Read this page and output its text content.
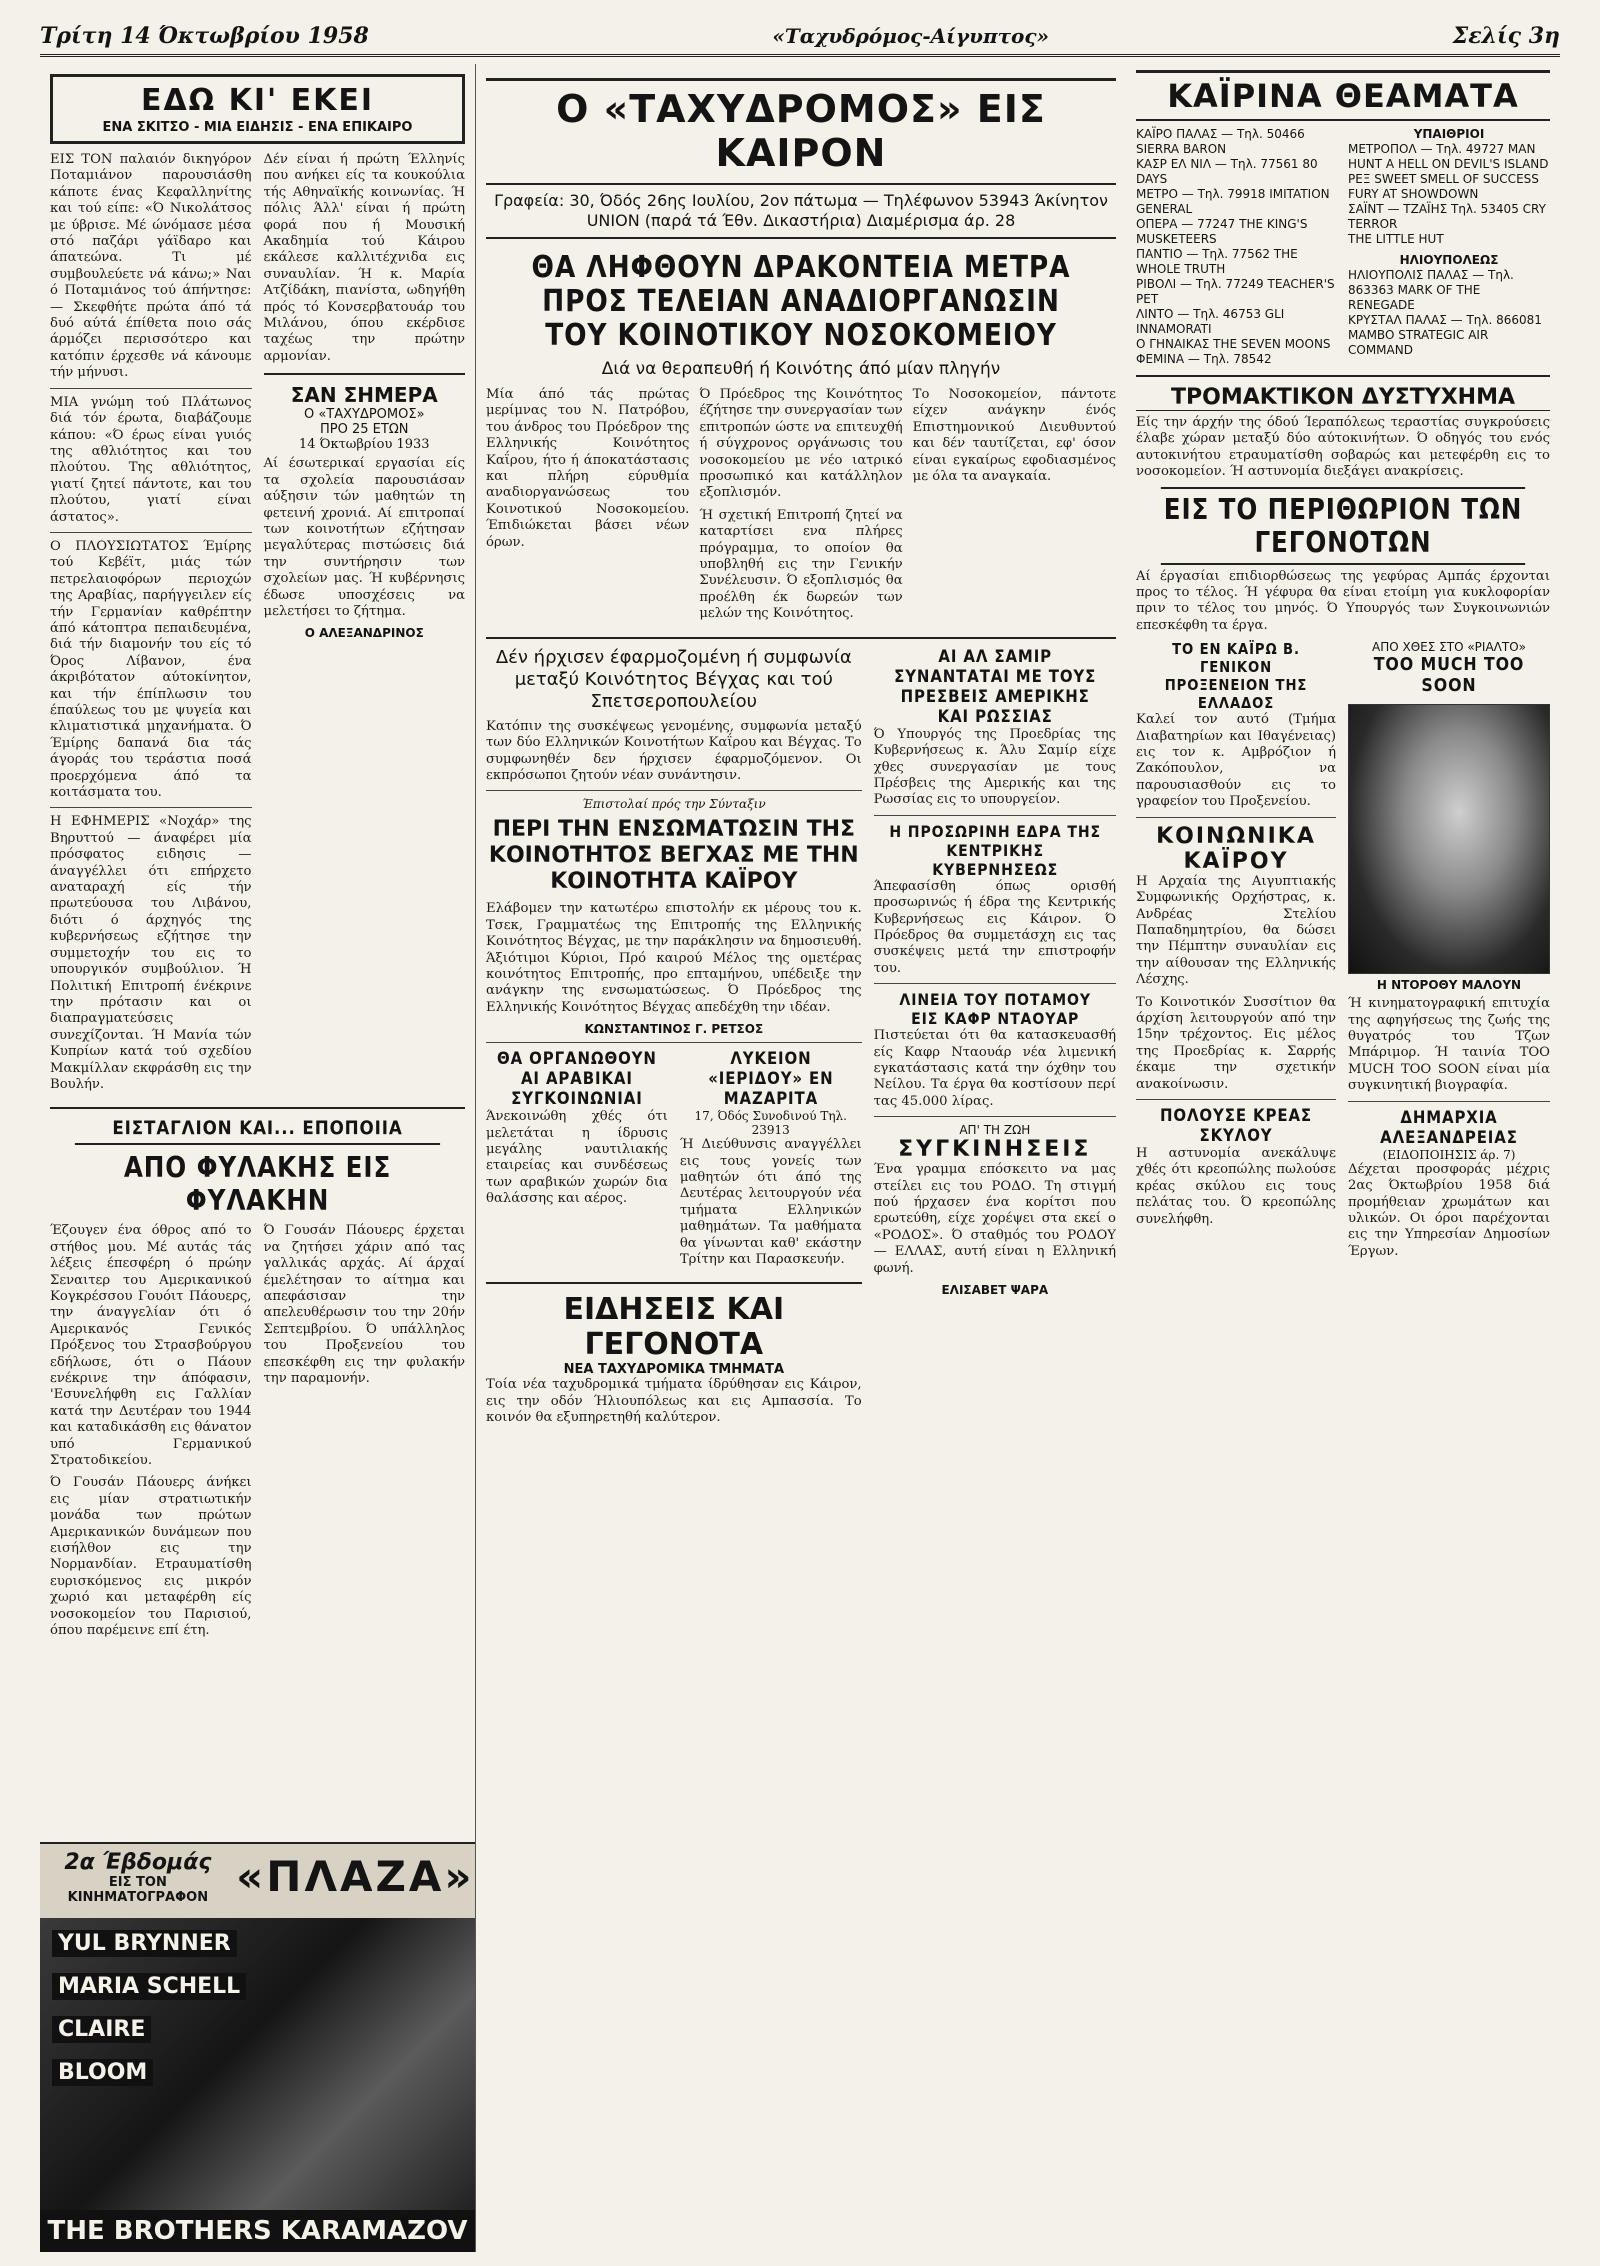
Τρίτη 14 Όκτωβρίου 1958	«Ταχυδρόμος-Αίγυπτος»	Σελίς 3η
ΕΔΩ ΚΙ' ΕΚΕΙ
ΕΝΑ ΣΚΙΤΣΟ - ΜΙΑ ΕΙΔΗΣΙΣ - ΕΝΑ ΕΠΙΚΑΙΡΟ

ΕΙΣ ΤΟΝ παλαιόν δικηγόρον Ποταμιάνον παρουσιάσθη κάποτε ένας Κεφαλληνίτης και τού είπε: «Ό Νικολάτσος με ύβρισε. Μέ ώνόμασε μέσα στό παζάρι γάϊδαρο και άπατεώνα. Τι μέ συμβουλεύετε νά κάνω;» Ναι ό Ποταμιάνος τού άπήντησε: — Σκεφθήτε πρώτα άπό τά δυό αύτά έπίθετα ποιο σάς άρμόζει περισσότερο και κατόπιν έρχεσθε νά κάνουμε τήν μήνυσι.

ΜΙΑ γνώμη τού Πλάτωνος διά τόν έρωτα, διαβάζουμε κάπου: «Ό έρως είναι γυιός της αθλιότητος και του πλούτου. Της αθλιότητος, γιατί ζητεί πάντοτε, και του πλούτου, γιατί είναι άστατος».

Ο ΠΛΟΥΣΙΩΤΑΤΟΣ Έμίρης τού Κεβέϊτ, μιάς τών πετρελαιοφόρων περιοχών της Αραβίας, παρήγγειλεν είς τήν Γερμανίαν καθρέπτην άπό κάτοπτρα πεπαιδευμένα, διά τήν διαμονήν του είς τό Όρος Λίβανον, ένα άκριβότατον αύτοκίνητον, και τήν έπίπλωσιν του έπαύλεως του με ψυγεία και κλιματιστικά μηχανήματα. Ό Έμίρης δαπανά δια τάς άγοράς του τεράστια ποσά προερχόμενα άπό τα κοιτάσματα του.

Η ΕΦΗΜΕΡΙΣ «Νοχάρ» της Βηρυττού — άναφέρει μία πρόσφατος ειδησις — άναγγέλλει ότι επήρχετο αναταραχή είς τήν πρωτεύουσα του Λιβάνου, διότι ό άρχηγός της κυβερνήσεως εζήτησε την συμμετοχήν του εις το υπουργικόν συμβούλιον. Ή Πολιτική Επιτροπή ένέκρινε την πρότασιν και οι διαπραγματεύσεις συνεχίζονται. Ή Μανία τών Κυπρίων κατά τού σχεδίου Μακμίλλαν εκφράσθη εις την Βουλήν.

Δέν είναι ή πρώτη Έλληνίς που ανήκει είς τα κουκούλια τής Αθηναϊκής κοινωνίας. Ή πόλις Άλλ' είναι ή πρώτη φορά που ή Μουσική Ακαδημία τού Κάιρου εκάλεσε καλλιτέχνιδα εις συναυλίαν. Ή κ. Μαρία Ατζίδάκη, πιανίστα, ωδηγήθη πρός τό Κονσερβατουάρ του Μιλάνου, όπου εκέρδισε ταχέως την πρώτην αρμονίαν.

ΣΑΝ ΣΗΜΕΡΑ
Ο «ΤΑΧΥΔΡΟΜΟΣ»
ΠΡΟ 25 ΕΤΩΝ
14 Όκτωβρίου 1933

Αί έσωτερικαί εργασίαι είς τα σχολεία παρουσιάσαν αύξησιν τών μαθητών τη φετεινή χρονιά. Αί επιτροπαί των κοινοτήτων εζήτησαν μεγαλύτερας πιστώσεις διά την συντήρησιν των σχολείων μας. Ή κυβέρνησις έδωσε υποσχέσεις να μελετήσει το ζήτημα.

Ο ΑΛΕΞΑΝΔΡΙΝΟΣ
ΕΙΣΤΑΓΛΙΟΝ ΚΑΙ... ΕΠΟΠΟΙΙΑ
ΑΠΟ ΦΥΛΑΚΗΣ ΕΙΣ ΦΥΛΑΚΗΝ

Έζουγεν ένα όθρος από το στήθος μου. Μέ αυτάς τάς λέξεις έπεσφέρη ό πρώην Σεναιτερ του Αμερικανικού Κογκρέσσου Γουόιτ Πάουερς, την άναγγελίαν ότι ό Αμερικανός Γενικός Πρόξενος του Στρασβούργου εδήλωσε, ότι ο Πάουν ενέκρινε την άπόφασιν, 'Εσυνελήφθη εις Γαλλίαν κατά την Δευτέραν του 1944 και καταδικάσθη εις θάνατον υπό Γερμανικού Στρατοδικείου.

Ό Γουσάν Πάουερς άνήκει εις μίαν στρατιωτικήν μονάδα των πρώτων Αμερικανικών δυνάμεων που εισήλθον εις την Νορμανδίαν. Ετραυματίσθη ευρισκόμενος εις μικρόν χωριό και μεταφέρθη είς νοσοκομείον του Παρισιού, όπου παρέμεινε επί έτη.

Ό Γουσάν Πάουερς έρχεται να ζητήσει χάριν από τας γαλλικάς αρχάς. Αί άρχαί έμελέτησαν το αίτημα και απεφάσισαν την απελευθέρωσιν του την 20ήν Σεπτεμβρίου. Ό υπάλληλος του Προξενείου του επεσκέφθη εις την φυλακήν την παραμονήν.

2α Έβδομάς
ΕΙΣ ΤΟΝ ΚΙΝΗΜΑΤΟΓΡΑΦΟΝ «ΠΛΑΖΑ»
YUL BRYNNER
MARIA SCHELL
CLAIRE
BLOOM
THE BROTHERS KARAMAZOV
Ο «ΤΑΧΥΔΡΟΜΟΣ» ΕΙΣ ΚΑΙΡΟΝ
Γραφεία: 30, Όδός 26ης Ιουλίου, 2ον πάτωμα — Τηλέφωνον 53943 Άκίνητον UNION (παρά τά Έθν. Δικαστήρια) Διαμέρισμα άρ. 28
ΘΑ ΛΗΦΘΟΥΝ ΔΡΑΚΟΝΤΕΙΑ ΜΕΤΡΑ ΠΡΟΣ ΤΕΛΕΙΑΝ ΑΝΑΔΙΟΡΓΑΝΩΣΙΝ ΤΟΥ ΚΟΙΝΟΤΙΚΟΥ ΝΟΣΟΚΟΜΕΙΟΥ
Διά να θεραπευθή ή Κοινότης άπό μίαν πληγήν

Μία άπό τάς πρώτας μερίμνας του Ν. Πατρόβου, του άνδρος του Πρόεδρον της Ελληνικής Κοινότητος Καΐρου, ήτο ή άποκατάστασις και πλήρη εύρυθμία αναδιοργανώσεως του Κοινοτικού Νοσοκομείου. Έπιδιώκεται βάσει νέων όρων.

Ό Πρόεδρος της Κοινότητος έζήτησε την συνεργασίαν των επιτροπών ώστε να επιτευχθή ή σύγχρονος οργάνωσις του νοσοκομείου με νέο ιατρικό προσωπικό και κατάλληλον εξοπλισμόν.

Ή σχετική Επιτροπή ζητεί να καταρτίσει ενα πλήρες πρόγραμμα, το οποίον θα υποβληθή εις την Γενικήν Συνέλευσιν. Ό εξοπλισμός θα προέλθη έκ δωρεών των μελών της Κοινότητος.

Το Νοσοκομείον, πάντοτε είχεν ανάγκην ένός Επιστημονικού Διευθυντού και δέν ταυτίζεται, εφ' όσον είναι εγκαίρως εφοδιασμένος με όλα τα αναγκαία.

Δέν ήρχισεν έφαρμοζομένη ή συμφωνία μεταξύ Κοινότητος Βέγχας και τού Σπετσεροπουλείου

Κατόπιν της συσκέψεως γενομένης, συμφωνία μεταξύ των δύο Ελληνικών Κοινοτήτων Καΐρου και Βέγχας. Το συμφωνηθέν δεν ήρχισεν έφαρμοζόμενον. Οι εκπρόσωποι ζητούν νέαν συνάντησιν.

Έπιστολαί πρός την Σύνταξιν
ΠΕΡΙ ΤΗΝ ΕΝΣΩΜΑΤΩΣΙΝ ΤΗΣ ΚΟΙΝΟΤΗΤΟΣ ΒΕΓΧΑΣ ΜΕ ΤΗΝ ΚΟΙΝΟΤΗΤΑ ΚΑΪΡΟΥ

Ελάβομεν την κατωτέρω επιστολήν εκ μέρους του κ. Τσεκ, Γραμματέως της Επιτροπής της Ελληνικής Κοινότητος Βέγχας, με την παράκλησιν να δημοσιευθή. Άξιότιμοι Κύριοι, Πρό καιρού Μέλος της ομετέρας κοινότητος Επιτροπής, προ επταμήνου, υπέδειξε την ανάγκην της ενσωματώσεως. Ό Πρόεδρος της Ελληνικής Κοινότητος Βέγχας απεδέχθη την ιδέαν.

ΚΩΝΣΤΑΝΤΙΝΟΣ Γ. ΡΕΤΣΟΣ
ΘΑ ΟΡΓΑΝΩΘΟΥΝ ΑΙ ΑΡΑΒΙΚΑΙ ΣΥΓΚΟΙΝΩΝΙΑΙ

Άνεκοινώθη χθές ότι μελετάται η ίδρυσις μεγάλης ναυτιλιακής εταιρείας και συνδέσεως των αραβικών χωρών δια θαλάσσης και αέρος.

ΛΥΚΕΙΟΝ «ΙΕΡΙΔΟΥ» ΕΝ ΜΑΖΑΡΙΤΑ
17, Όδός Συνοδινού Τηλ. 23913

Ή Διεύθυνσις αναγγέλλει εις τους γονείς των μαθητών ότι άπό της Δευτέρας λειτουργούν νέα τμήματα Ελληνικών μαθημάτων. Τα μαθήματα θα γίνωνται καθ' εκάστην Τρίτην και Παρασκευήν.

ΕΙΔΗΣΕΙΣ ΚΑΙ ΓΕΓΟΝΟΤΑ
ΝΕΑ ΤΑΧΥΔΡΟΜΙΚΑ ΤΜΗΜΑΤΑ

Τοία νέα ταχυδρομικά τμήματα ίδρύθησαν εις Κάιρον, εις την οδόν Ήλιουπόλεως και εις Αμπασσία. Το κοινόν θα εξυπηρετηθή καλύτερον.

ΑΙ ΑΛ ΣΑΜΙΡ ΣΥΝΑΝΤΑΤΑΙ ΜΕ ΤΟΥΣ ΠΡΕΣΒΕΙΣ ΑΜΕΡΙΚΗΣ ΚΑΙ ΡΩΣΣΙΑΣ

Ό Υπουργός της Προεδρίας της Κυβερνήσεως κ. Άλυ Σαμίρ είχε χθες συνεργασίαν με τους Πρέσβεις της Αμερικής και της Ρωσσίας εις το υπουργείον.

Η ΠΡΟΣΩΡΙΝΗ ΕΔΡΑ ΤΗΣ ΚΕΝΤΡΙΚΗΣ ΚΥΒΕΡΝΗΣΕΩΣ

Άπεφασίσθη όπως ορισθή προσωρινώς ή έδρα της Κεντρικής Κυβερνήσεως εις Κάιρον. Ό Πρόεδρος θα συμμετάσχη εις τας συσκέψεις μετά την επιστροφήν του.

ΛΙΝΕΙΑ ΤΟΥ ΠΟΤΑΜΟΥ ΕΙΣ ΚΑΦΡ ΝΤΑΟΥΑΡ

Πιστεύεται ότι θα κατασκευασθή είς Καφρ Νταουάρ νέα λιμενική εγκατάστασις κατά την όχθην του Νείλου. Τα έργα θα κοστίσουν περί τας 45.000 λίρας.

ΑΠ' ΤΗ ΖΩΗ
ΣΥΓΚΙΝΗΣΕΙΣ

Ένα γραμμα επόσκειτο να μας στείλει εις του ΡΟΔΟ. Τη στιγμή πού ήρχασεν ένα κορίτσι που ερωτεύθη, είχε χορέψει στα εκεί ο «ΡΟΔΟΣ». Ό σταθμός του ΡΟΔΟΥ — ΕΛΛΑΣ, αυτή είναι η Ελληνική φωνή.

ΕΛΙΣΑΒΕΤ ΨΑΡΑ
ΚΑΪΡΙΝΑ ΘΕΑΜΑΤΑ
ΚΑΪΡΟ ΠΑΛΑΣ — Τηλ. 50466 SIERRA BARON
ΚΑΣΡ ΕΛ ΝΙΛ — Τηλ. 77561 80 DAYS
ΜΕΤΡΟ — Τηλ. 79918 IMITATION GENERAL
ΟΠΕΡΑ — 77247 THE KING'S MUSKETEERS
ΠΑΝΤΙΟ — Τηλ. 77562 THE WHOLE TRUTH
ΡΙΒΟΛΙ — Τηλ. 77249 TEACHER'S PET
ΛΙΝΤΟ — Τηλ. 46753 GLI INNAMORATI
Ο ΓΗΝΑΙΚΑΣ THE SEVEN MOONS
ΦΕΜΙΝΑ — Τηλ. 78542
ΥΠΑΙΘΡΙΟΙ
ΜΕΤΡΟΠΟΛ — Τηλ. 49727 MAN HUNT A HELL ON DEVIL'S ISLAND
ΡΕΞ SWEET SMELL OF SUCCESS
FURY AT SHOWDOWN
ΣΑΪΝΤ — ΤΖΑΪΗΣ Τηλ. 53405 CRY TERROR
THE LITTLE HUT
ΗΛΙΟΥΠΟΛΕΩΣ
ΗΛΙΟΥΠΟΛΙΣ ΠΑΛΑΣ — Τηλ. 863363 MARK OF THE RENEGADE
ΚΡΥΣΤΑΛ ΠΑΛΑΣ — Τηλ. 866081 MAMBO STRATEGIC AIR COMMAND
ΤΡΟΜΑΚΤΙΚΟΝ ΔΥΣΤΥΧΗΜΑ

Είς την άρχήν της όδού Ίεραπόλεως τεραστίας συγκρούσεις έλαβε χώραν μεταξύ δύο αύτοκινήτων. Ό οδηγός του ενός αυτοκινήτου ετραυματίσθη σοβαρώς και μετεφέρθη εις το νοσοκομείον. Ή αστυνομία διεξάγει ανακρίσεις.

ΕΙΣ ΤΟ ΠΕΡΙΘΩΡΙΟΝ ΤΩΝ ΓΕΓΟΝΟΤΩΝ

Αί έργασίαι επιδιορθώσεως της γεφύρας Αμπάς έρχονται προς το τέλος. Ή γέφυρα θα είναι ετοίμη για κυκλοφορίαν πριν το τέλος του μηνός. Ό Υπουργός των Συγκοινωνιών επεσκέφθη τα έργα.

ΤΟ ΕΝ ΚΑΪΡΩ Β. ΓΕΝΙΚΟΝ ΠΡΟΞΕΝΕΙΟΝ ΤΗΣ ΕΛΛΑΔΟΣ

Καλεί τον αυτό (Τμήμα Διαβατηρίων και Ιθαγένειας) εις τον κ. Αμβρόζιον ή Ζακόπουλον, να παρουσιασθούν εις το γραφείον του Προξενείου.

ΚΟΙΝΩΝΙΚΑ ΚΑΪΡΟΥ

Η Αρχαία της Αιγυπτιακής Συμφωνικής Ορχήστρας, κ. Ανδρέας Στελίου Παπαδημητρίου, θα δώσει την Πέμπτην συναυλίαν εις την αίθουσαν της Ελληνικής Λέσχης.

Το Κοινοτικόν Συσσίτιον θα άρχίση λειτουργούν από την 15ην τρέχοντος. Εις μέλος της Προεδρίας κ. Σαρρής έκαμε την σχετικήν ανακοίνωσιν.

ΠΟΛΟΥΣΕ ΚΡΕΑΣ ΣΚΥΛΟΥ

Η αστυνομία ανεκάλυψε χθές ότι κρεοπώλης πωλούσε κρέας σκύλου εις τους πελάτας του. Ό κρεοπώλης συνελήφθη.

ΑΠΟ ΧΘΕΣ ΣΤΟ «ΡΙΑΛΤΟ»
TOO MUCH TOO SOON
Η ΝΤΟΡΟΘΥ ΜΑΛΟΥΝ

Ή κινηματογραφική επιτυχία της αφηγήσεως της ζωής της θυγατρός του Τζων Μπάριμορ. Ή ταινία TOO MUCH TOO SOON είναι μία συγκινητική βιογραφία.

ΔΗΜΑΡΧΙΑ ΑΛΕΞΑΝΔΡΕΙΑΣ
(ΕΙΔΟΠΟΙΗΣΙΣ άρ. 7)

Δέχεται προσφοράς μέχρις 2ας Όκτωβρίου 1958 διά προμήθειαν χρωμάτων και υλικών. Οι όροι παρέχονται εις την Υπηρεσίαν Δημοσίων Έργων.
